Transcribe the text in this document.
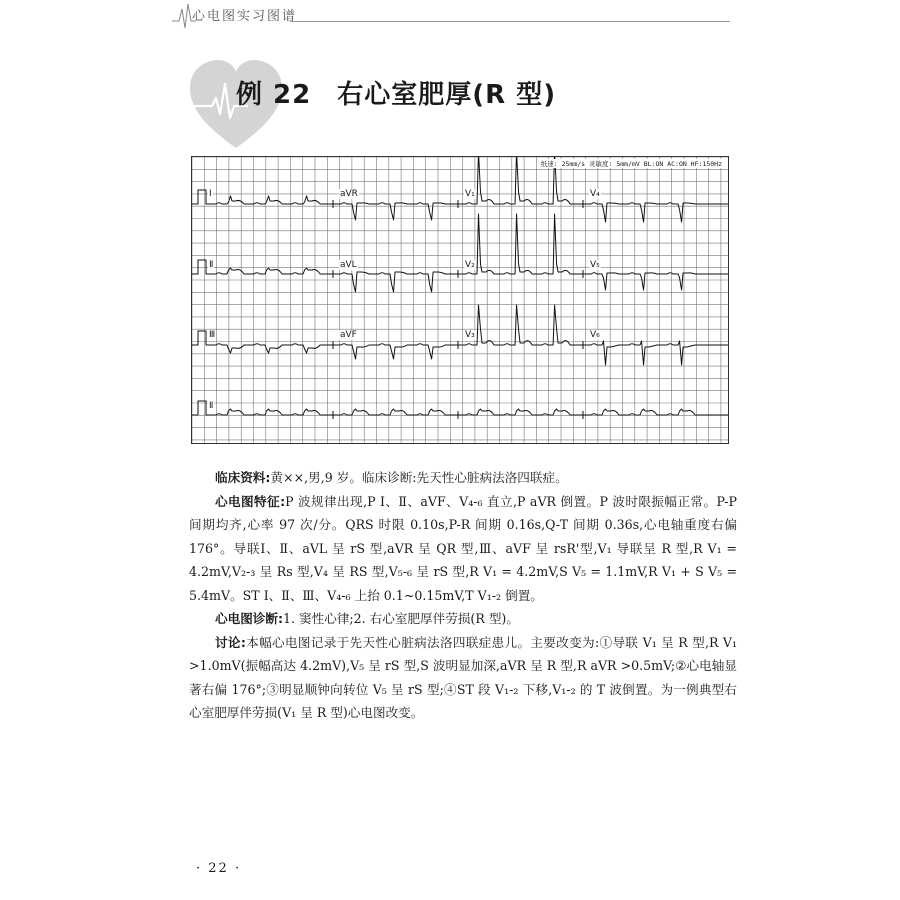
心电图实习图谱
例 22 右心室肥厚(R 型)
纸速: 25mm/s 灵敏度: 5mm/mV BL:ON AC:ON HF:150Hz
Ⅰ	aVR	V₁	V₄
Ⅱ	aVL	V₂	V₅
Ⅲ	aVF	V₃	V₆
Ⅱ

临床资料:黄××,男,9 岁。临床诊断:先天性心脏病法洛四联症。

心电图特征:P 波规律出现,P Ⅰ、Ⅱ、aVF、V₄-₆ 直立,P aVR 倒置。P 波时限振幅正常。P-P 间期均齐,心率 97 次/分。QRS 时限 0.10s,P-R 间期 0.16s,Q-T 间期 0.36s,心电轴重度右偏 176°。导联Ⅰ、Ⅱ、aVL 呈 rS 型,aVR 呈 QR 型,Ⅲ、aVF 呈 rsR'型,V₁ 导联呈 R 型,R V₁ = 4.2mV,V₂-₃ 呈 Rs 型,V₄ 呈 RS 型,V₅-₆ 呈 rS 型,R V₁ = 4.2mV,S V₅ = 1.1mV,R V₁ + S V₅ = 5.4mV。ST Ⅰ、Ⅱ、Ⅲ、V₄-₆ 上抬 0.1~0.15mV,T V₁-₂ 倒置。

心电图诊断:1. 窦性心律;2. 右心室肥厚伴劳损(R 型)。

讨论:本幅心电图记录于先天性心脏病法洛四联症患儿。主要改变为:①导联 V₁ 呈 R 型,R V₁ >1.0mV(振幅高达 4.2mV),V₅ 呈 rS 型,S 波明显加深,aVR 呈 R 型,R aVR >0.5mV;②心电轴显著右偏 176°;③明显顺钟向转位 V₅ 呈 rS 型;④ST 段 V₁-₂ 下移,V₁-₂ 的 T 波倒置。为一例典型右心室肥厚伴劳损(V₁ 呈 R 型)心电图改变。

· 22 ·
